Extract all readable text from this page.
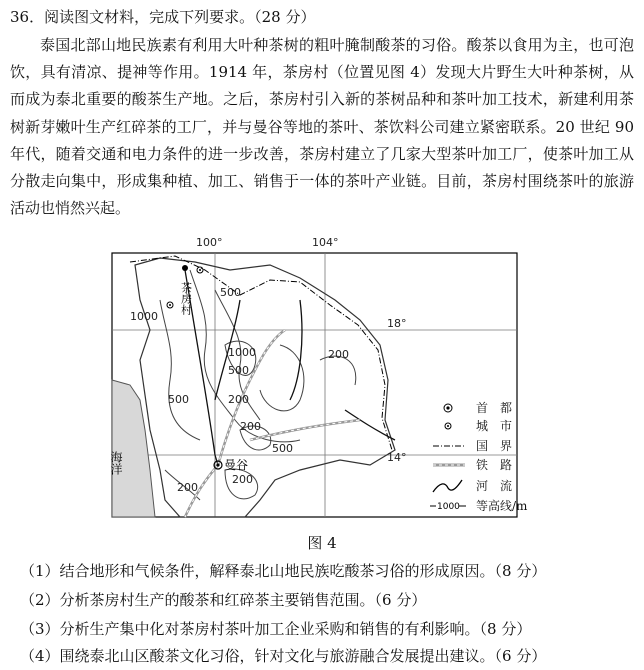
36．阅读图文材料，完成下列要求。（28 分）

泰国北部山地民族素有利用大叶种茶树的粗叶腌制酸茶的习俗。酸茶以食用为主，也可泡饮，具有清凉、提神等作用。1914 年，茶房村（位置见图 4）发现大片野生大叶种茶树，从而成为泰北重要的酸茶生产地。之后，茶房村引入新的茶树品种和茶叶加工技术，新建利用茶树新芽嫩叶生产红碎茶的工厂，并与曼谷等地的茶叶、茶饮料公司建立紧密联系。20 世纪 90 年代，随着交通和电力条件的进一步改善，茶房村建立了几家大型茶叶加工厂，使茶叶加工从分散走向集中，形成集种植、加工、销售于一体的茶叶产业链。目前，茶房村围绕茶叶的旅游活动也悄然兴起。

100°	104°
18°
14°
500
1000
1000
500
500
200
200
500
200
200
200
茶房村
曼谷
海洋
首　都
城　市
国　界
铁　路
河　流
1000 等高线/m
图 4
（1）结合地形和气候条件，解释泰北山地民族吃酸茶习俗的形成原因。（8 分）
（2）分析茶房村生产的酸茶和红碎茶主要销售范围。（6 分）
（3）分析生产集中化对茶房村茶叶加工企业采购和销售的有利影响。（8 分）
（4）围绕泰北山区酸茶文化习俗，针对文化与旅游融合发展提出建议。（6 分）
